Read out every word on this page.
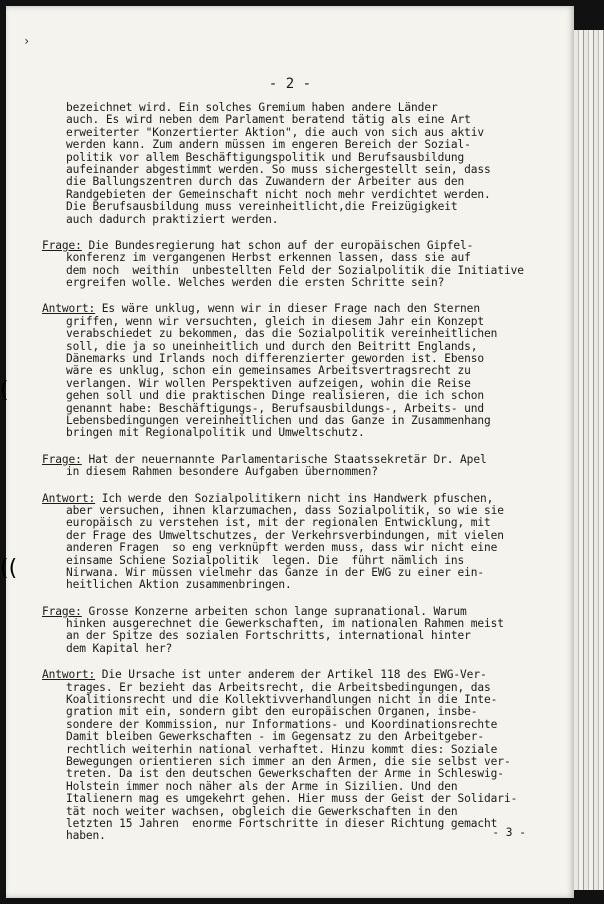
›
- 2 -
bezeichnet wird. Ein solches Gremium haben andere Länder
auch. Es wird neben dem Parlament beratend tätig als eine Art
erweiterter "Konzertierter Aktion", die auch von sich aus aktiv
werden kann. Zum andern müssen im engeren Bereich der Sozial-
politik vor allem Beschäftigungspolitik und Berufsausbildung
aufeinander abgestimmt werden. So muss sichergestellt sein, dass
die Ballungszentren durch das Zuwandern der Arbeiter aus den
Randgebieten der Gemeinschaft nicht noch mehr verdichtet werden.
Die Berufsausbildung muss vereinheitlicht,die Freizügigkeit
auch dadurch praktiziert werden.
Frage: Die Bundesregierung hat schon auf der europäischen Gipfel-
konferenz im vergangenen Herbst erkennen lassen, dass sie auf
dem noch  weithin  unbestellten Feld der Sozialpolitik die Initiative
ergreifen wolle. Welches werden die ersten Schritte sein?
Antwort: Es wäre unklug, wenn wir in dieser Frage nach den Sternen
griffen, wenn wir versuchten, gleich in diesem Jahr ein Konzept
verabschiedet zu bekommen, das die Sozialpolitik vereinheitlichen
soll, die ja so uneinheitlich und durch den Beitritt Englands,
Dänemarks und Irlands noch differenzierter geworden ist. Ebenso
wäre es unklug, schon ein gemeinsames Arbeitsvertragsrecht zu
verlangen. Wir wollen Perspektiven aufzeigen, wohin die Reise
gehen soll und die praktischen Dinge realisieren, die ich schon
genannt habe: Beschäftigungs-, Berufsausbildungs-, Arbeits- und
Lebensbedingungen vereinheitlichen und das Ganze in Zusammenhang
bringen mit Regionalpolitik und Umweltschutz.
Frage: Hat der neuernannte Parlamentarische Staatssekretär Dr. Apel
in diesem Rahmen besondere Aufgaben übernommen?
Antwort: Ich werde den Sozialpolitikern nicht ins Handwerk pfuschen,
aber versuchen, ihnen klarzumachen, dass Sozialpolitik, so wie sie
europäisch zu verstehen ist, mit der regionalen Entwicklung, mit
der Frage des Umweltschutzes, der Verkehrsverbindungen, mit vielen
anderen Fragen  so eng verknüpft werden muss, dass wir nicht eine
einsame Schiene Sozialpolitik  legen. Die  führt nämlich ins
Nirwana. Wir müssen vielmehr das Ganze in der EWG zu einer ein-
heitlichen Aktion zusammenbringen.
Frage: Grosse Konzerne arbeiten schon lange supranational. Warum
hinken ausgerechnet die Gewerkschaften, im nationalen Rahmen meist
an der Spitze des sozialen Fortschritts, international hinter
dem Kapital her?
Antwort: Die Ursache ist unter anderem der Artikel 118 des EWG-Ver-
trages. Er bezieht das Arbeitsrecht, die Arbeitsbedingungen, das
Koalitionsrecht und die Kollektivverhandlungen nicht in die Inte-
gration mit ein, sondern gibt den europäischen Organen, insbe-
sondere der Kommission, nur Informations- und Koordinationsrechte
Damit bleiben Gewerkschaften - im Gegensatz zu den Arbeitgeber-
rechtlich weiterhin national verhaftet. Hinzu kommt dies: Soziale
Bewegungen orientieren sich immer an den Armen, die sie selbst ver-
treten. Da ist den deutschen Gewerkschaften der Arme in Schleswig-
Holstein immer noch näher als der Arme in Sizilien. Und den
Italienern mag es umgekehrt gehen. Hier muss der Geist der Solidari-
tät noch weiter wachsen, obgleich die Gewerkschaften in den
letzten 15 Jahren  enorme Fortschritte in dieser Richtung gemacht
haben.	- 3 -
(
((
